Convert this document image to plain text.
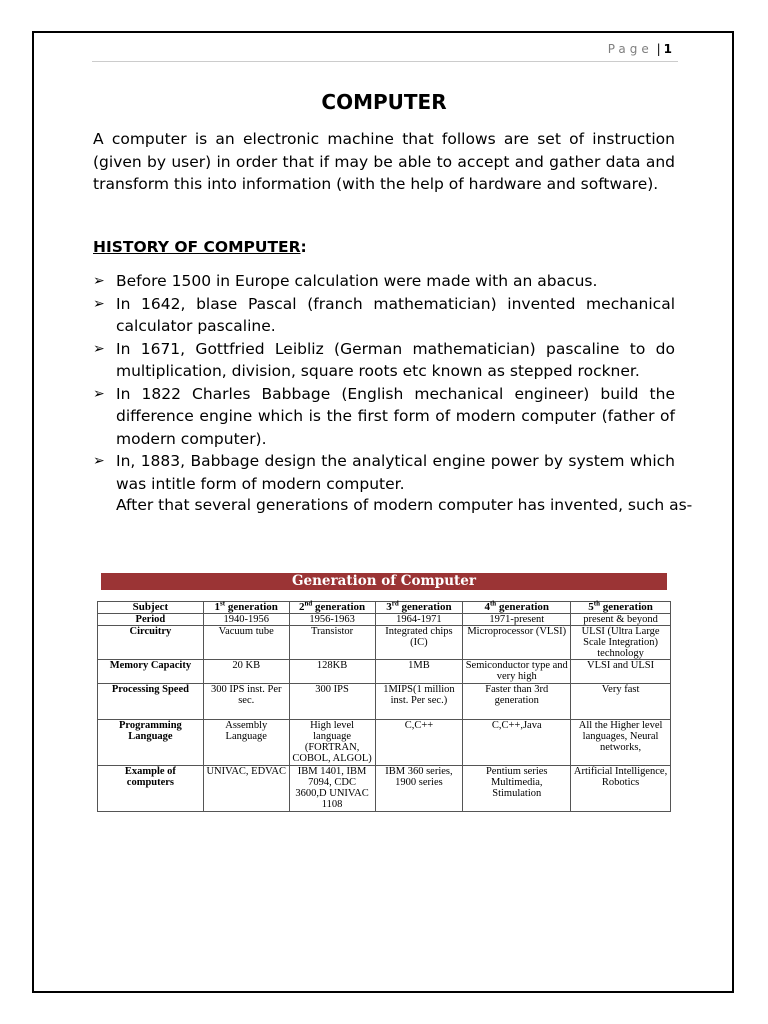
Page | 1
COMPUTER
A computer is an electronic machine that follows are set of instruction (given by user) in order that if may be able to accept and gather data and transform this into information (with the help of hardware and software).
HISTORY OF COMPUTER:
➢ Before 1500 in Europe calculation were made with an abacus.
➢ In 1642, blase Pascal (franch mathematician) invented mechanical calculator pascaline.
➢ In 1671, Gottfried Leibliz (German mathematician) pascaline to do multiplication, division, square roots etc known as stepped rockner.
➢ In 1822 Charles Babbage (English mechanical engineer) build the difference engine which is the first form of modern computer (father of modern computer).
➢ In, 1883, Babbage design the analytical engine power by system which was intitle form of modern computer.
After that several generations of modern computer has invented, such as-
Generation of Computer
Subject	1st generation	2nd generation	3rd generation	4th generation	5th generation
Period	1940-1956	1956-1963	1964-1971	1971-present	present & beyond
Circuitry	Vacuum tube	Transistor	Integrated chips (IC)	Microprocessor (VLSI)	ULSI (Ultra Large Scale Integration) technology
Memory Capacity	20 KB	128KB	1MB	Semiconductor type and very high	VLSI and ULSI
Processing Speed	300 IPS inst. Per sec.	300 IPS	1MIPS(1 million inst. Per sec.)	Faster than 3rd generation	Very fast
Programming Language	Assembly Language	High level language (FORTRAN, COBOL, ALGOL)	C,C++	C,C++,Java	All the Higher level languages, Neural networks,
Example of computers	UNIVAC, EDVAC	IBM 1401, IBM 7094, CDC 3600,D UNIVAC 1108	IBM 360 series, 1900 series	Pentium series Multimedia, Stimulation	Artificial Intelligence, Robotics
